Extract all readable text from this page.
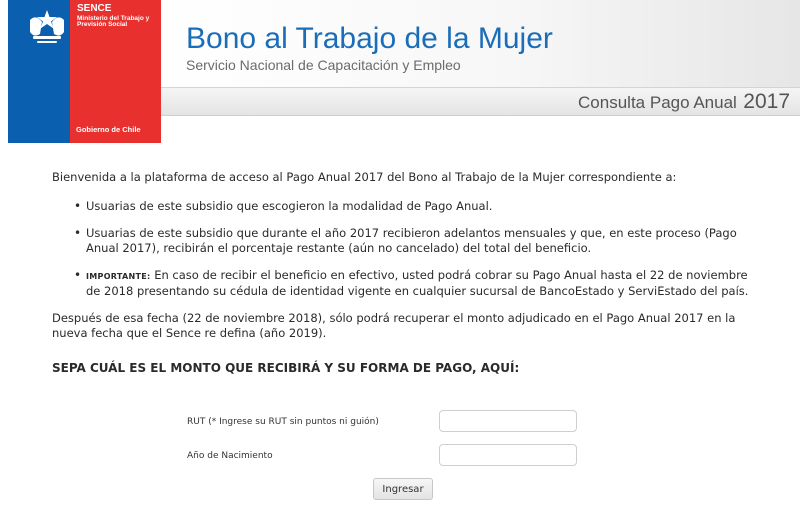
SENCE
Ministerio del Trabajo y Previsión Social
Gobierno de Chile
Bono al Trabajo de la Mujer
Servicio Nacional de Capacitación y Empleo
Consulta Pago Anual 2017

Bienvenida a la plataforma de acceso al Pago Anual 2017 del Bono al Trabajo de la Mujer correspondiente a:

• Usuarias de este subsidio que escogieron la modalidad de Pago Anual.
• Usuarias de este subsidio que durante el año 2017 recibieron adelantos mensuales y que, en este proceso (Pago Anual 2017), recibirán el porcentaje restante (aún no cancelado) del total del beneficio.
• IMPORTANTE: En caso de recibir el beneficio en efectivo, usted podrá cobrar su Pago Anual hasta el 22 de noviembre de 2018 presentando su cédula de identidad vigente en cualquier sucursal de BancoEstado y ServiEstado del país.

Después de esa fecha (22 de noviembre 2018), sólo podrá recuperar el monto adjudicado en el Pago Anual 2017 en la nueva fecha que el Sence re defina (año 2019).

SEPA CUÁL ES EL MONTO QUE RECIBIRÁ Y SU FORMA DE PAGO, AQUÍ:

RUT (* Ingrese su RUT sin puntos ni guión)
Año de Nacimiento
Ingresar
